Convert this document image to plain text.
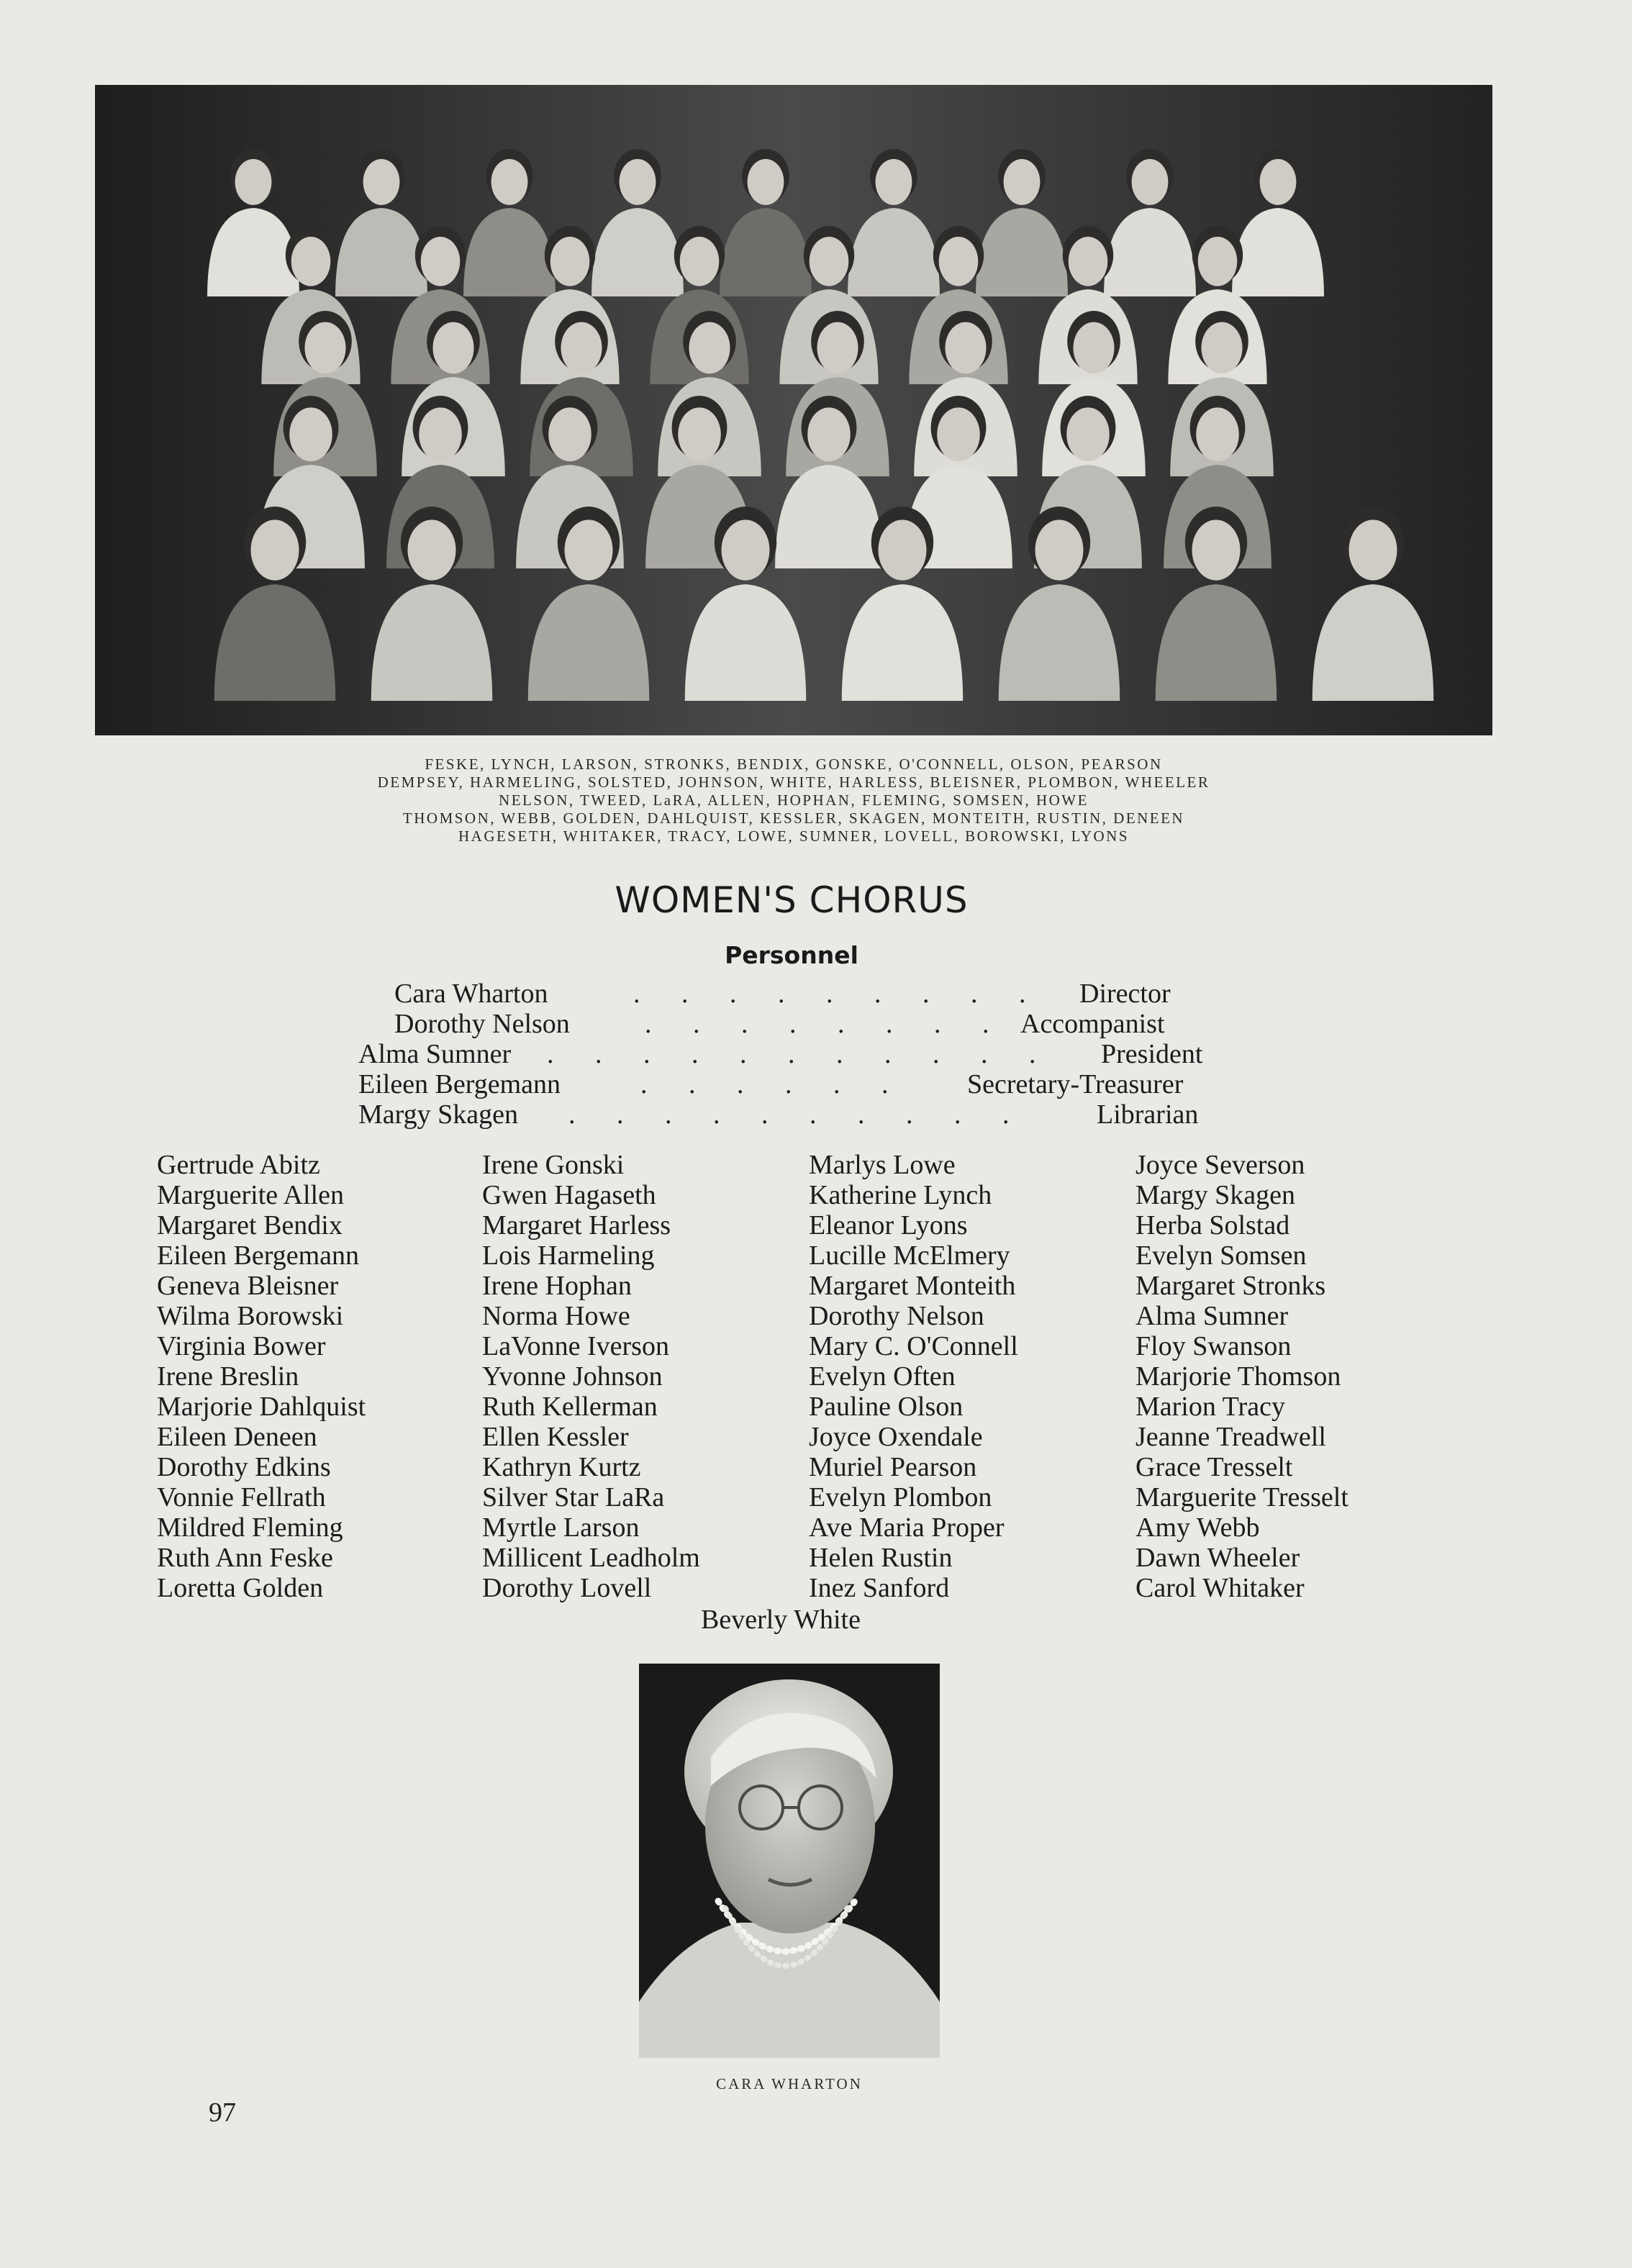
FESKE, LYNCH, LARSON, STRONKS, BENDIX, GONSKE, O'CONNELL, OLSON, PEARSON
DEMPSEY, HARMELING, SOLSTED, JOHNSON, WHITE, HARLESS, BLEISNER, PLOMBON, WHEELER
NELSON, TWEED, LaRA, ALLEN, HOPHAN, FLEMING, SOMSEN, HOWE
THOMSON, WEBB, GOLDEN, DAHLQUIST, KESSLER, SKAGEN, MONTEITH, RUSTIN, DENEEN
HAGESETH, WHITAKER, TRACY, LOWE, SUMNER, LOVELL, BOROWSKI, LYONS
WOMEN'S CHORUS
Personnel
Cara Wharton	. . . . . . . . . Director
Dorothy Nelson	. . . . . . . . Accompanist
Alma Sumner . . . . . . . . . . . President
Eileen Bergemann	. . . . . . Secretary-Treasurer
Margy Skagen . . . . . . . . . .	Librarian
Gertrude Abitz
Marguerite Allen
Margaret Bendix
Eileen Bergemann
Geneva Bleisner
Wilma Borowski
Virginia Bower
Irene Breslin
Marjorie Dahlquist
Eileen Deneen
Dorothy Edkins
Vonnie Fellrath
Mildred Fleming
Ruth Ann Feske
Loretta Golden
Irene Gonski
Gwen Hagaseth
Margaret Harless
Lois Harmeling
Irene Hophan
Norma Howe
LaVonne Iverson
Yvonne Johnson
Ruth Kellerman
Ellen Kessler
Kathryn Kurtz
Silver Star LaRa
Myrtle Larson
Millicent Leadholm
Dorothy Lovell
Marlys Lowe
Katherine Lynch
Eleanor Lyons
Lucille McElmery
Margaret Monteith
Dorothy Nelson
Mary C. O'Connell
Evelyn Often
Pauline Olson
Joyce Oxendale
Muriel Pearson
Evelyn Plombon
Ave Maria Proper
Helen Rustin
Inez Sanford
Joyce Severson
Margy Skagen
Herba Solstad
Evelyn Somsen
Margaret Stronks
Alma Sumner
Floy Swanson
Marjorie Thomson
Marion Tracy
Jeanne Treadwell
Grace Tresselt
Marguerite Tresselt
Amy Webb
Dawn Wheeler
Carol Whitaker
Beverly White
CARA WHARTON
97
